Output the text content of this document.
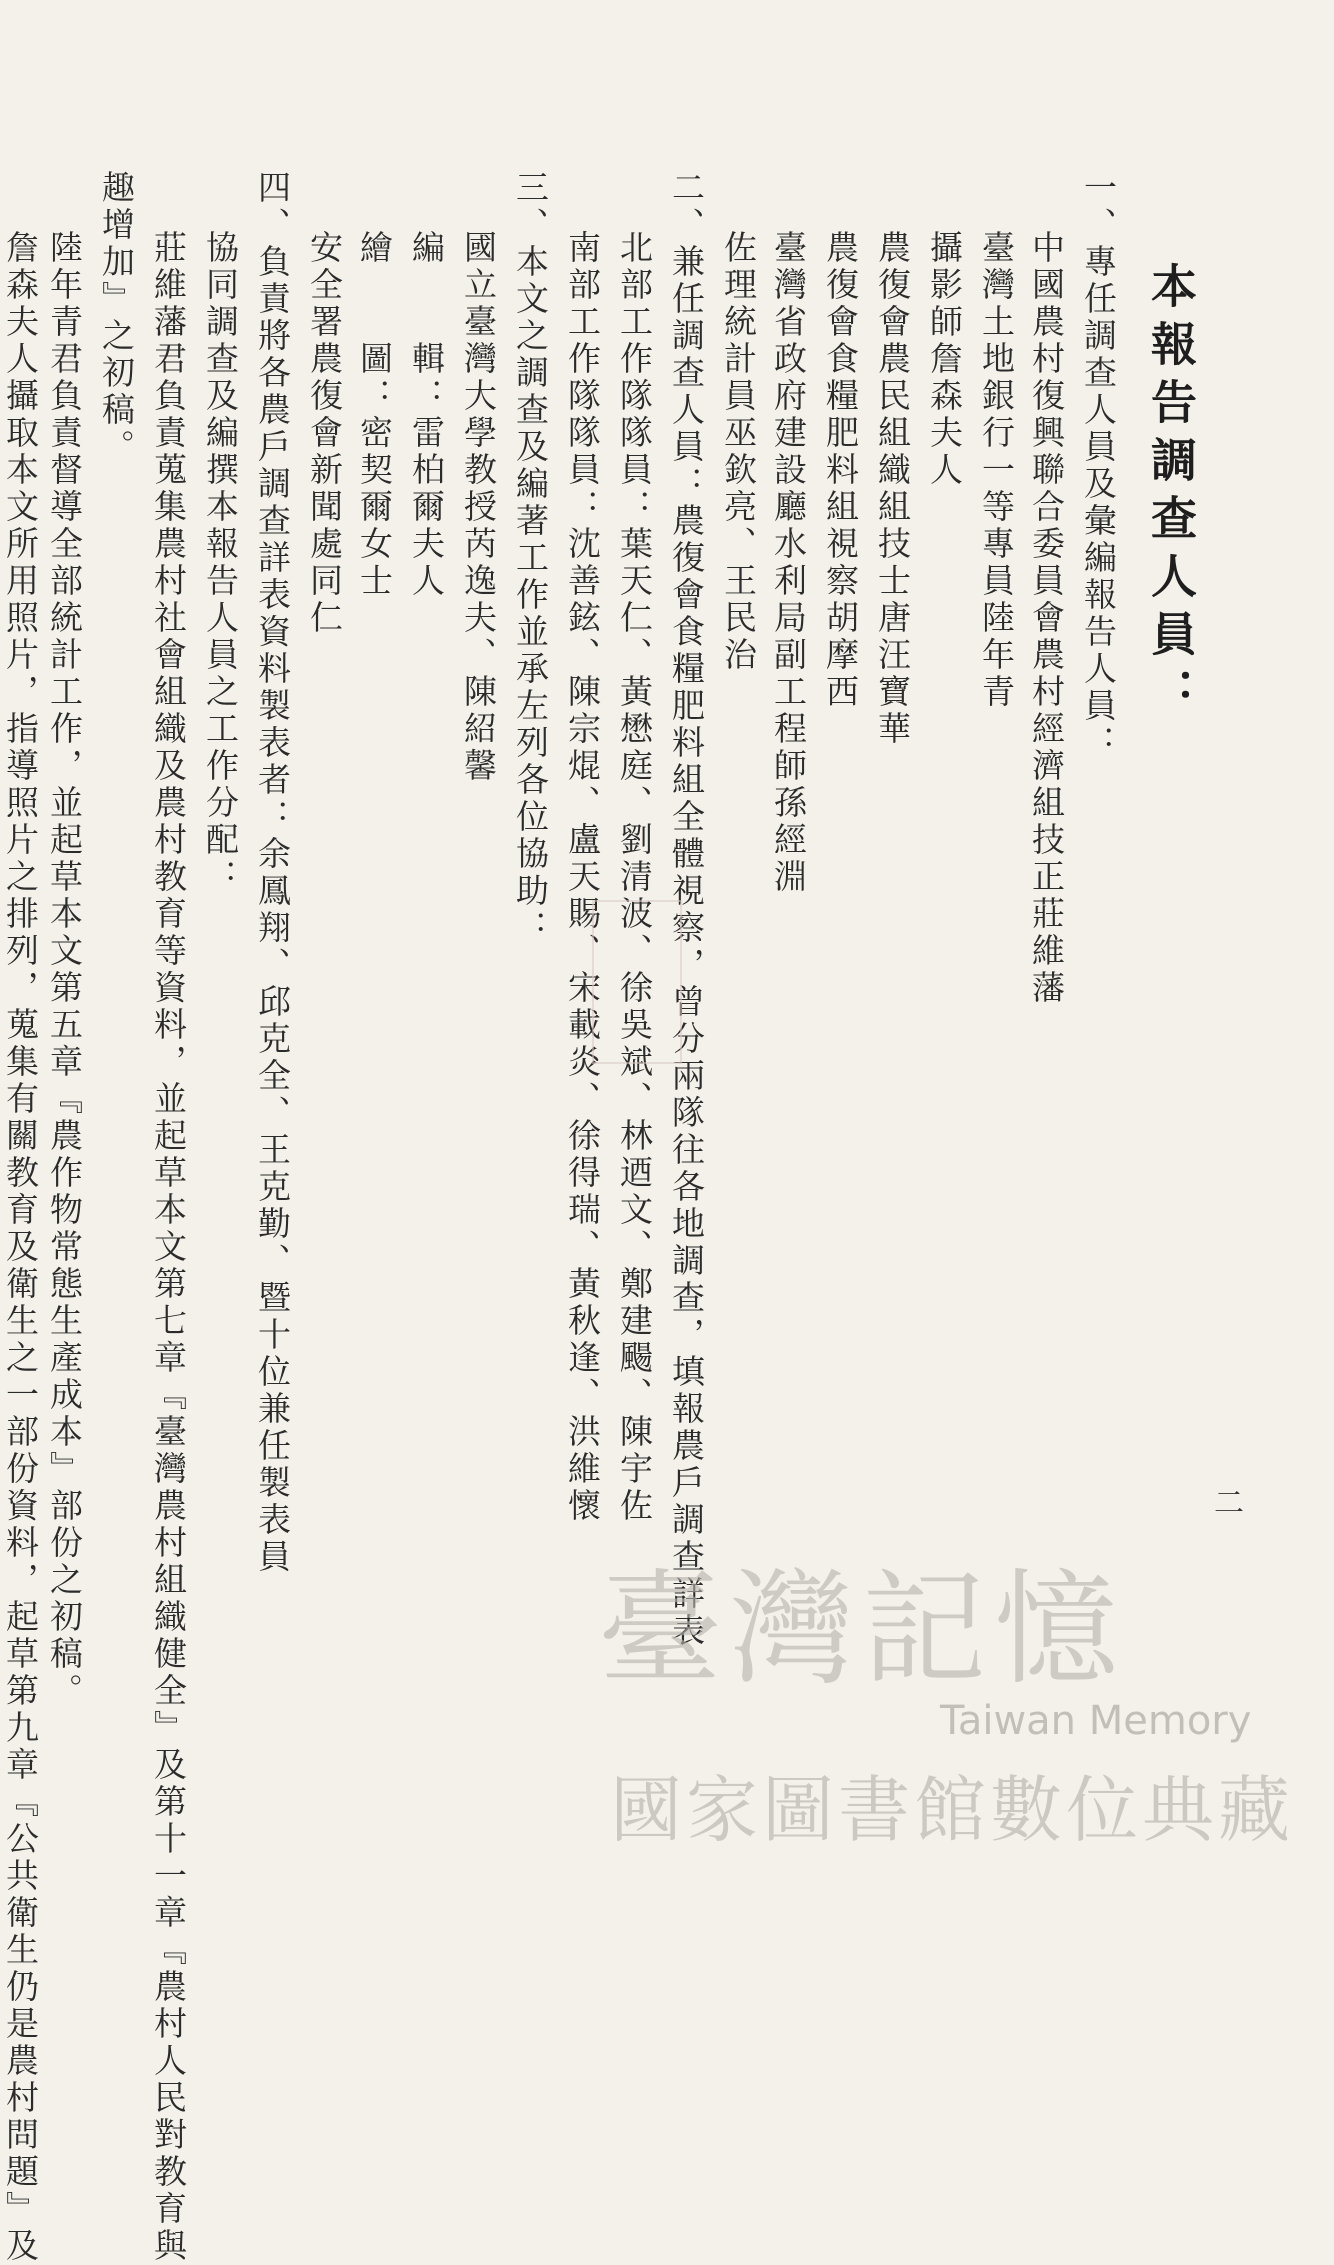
本報告調查人員：
一、專任調查人員及彙編報告人員：
中國農村復興聯合委員會農村經濟組技正莊維藩
臺灣土地銀行一等專員陸年青
攝影師詹森夫人
農復會農民組織組技士唐汪寶華
農復會食糧肥料組視察胡摩西
臺灣省政府建設廳水利局副工程師孫經淵
佐理統計員巫欽亮、王民治
二、兼任調查人員：農復會食糧肥料組全體視察，曾分兩隊往各地調查，填報農戶調查詳表
北部工作隊隊員：葉天仁、黃懋庭、劉清波、徐吳斌、林迺文、鄭建颺、陳宇佐
南部工作隊隊員：沈善鉉、陳宗焜、盧天賜、宋載炎、徐得瑞、黃秋逢、洪維懷
三、本文之調查及編著工作並承左列各位協助：
國立臺灣大學教授芮逸夫、陳紹馨
編　　輯：雷柏爾夫人
繪　　圖：密契爾女士
安全署農復會新聞處同仁
四、負責將各農戶調查詳表資料製表者：余鳳翔、邱克全、王克勤、暨十位兼任製表員
協同調查及編撰本報告人員之工作分配：
莊維藩君負責蒐集農村社會組織及農村教育等資料，並起草本文第七章『臺灣農村組織健全』及第十一章『農村人民對教育與
趣增加』之初稿。
陸年青君負責督導全部統計工作，並起草本文第五章『農作物常態生產成本』部份之初稿。
詹森夫人攝取本文所用照片，指導照片之排列，蒐集有關教育及衛生之一部份資料，起草第九章『公共衛生仍是農村問題』及	二
臺灣記憶
Taiwan Memory
國家圖書館數位典藏
